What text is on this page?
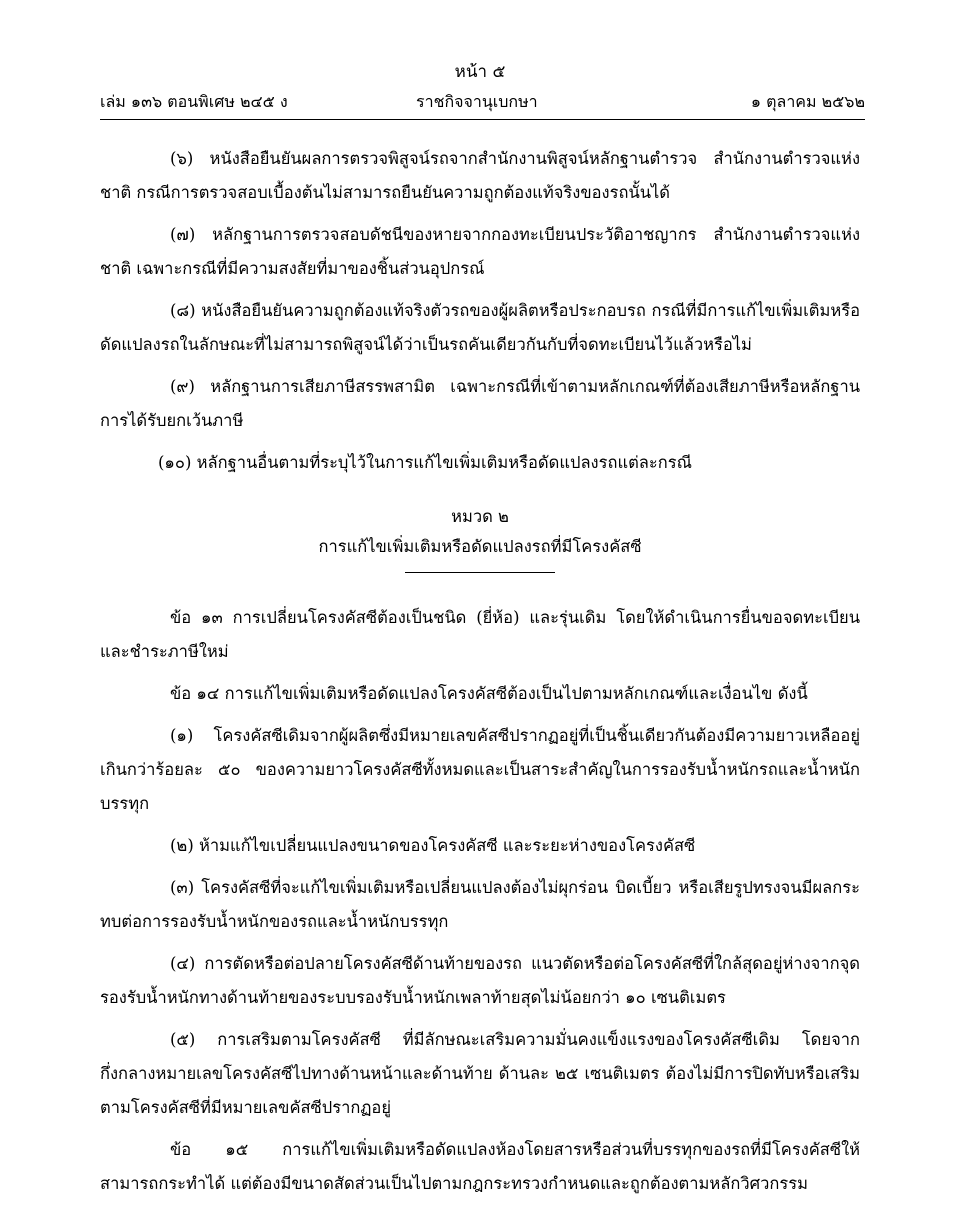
หน้า ๕
เล่ม ๑๓๖ ตอนพิเศษ ๒๔๕ ง	ราชกิจจานุเบกษา	๑ ตุลาคม ๒๕๖๒

(๖) หนังสือยืนยันผลการตรวจพิสูจน์รถจากสำนักงานพิสูจน์หลักฐานตำรวจ สำนักงานตำรวจแห่งชาติ กรณีการตรวจสอบเบื้องต้นไม่สามารถยืนยันความถูกต้องแท้จริงของรถนั้นได้

(๗) หลักฐานการตรวจสอบดัชนีของหายจากกองทะเบียนประวัติอาชญากร สำนักงานตำรวจแห่งชาติ เฉพาะกรณีที่มีความสงสัยที่มาของชิ้นส่วนอุปกรณ์

(๘) หนังสือยืนยันความถูกต้องแท้จริงตัวรถของผู้ผลิตหรือประกอบรถ กรณีที่มีการแก้ไขเพิ่มเติมหรือดัดแปลงรถในลักษณะที่ไม่สามารถพิสูจน์ได้ว่าเป็นรถคันเดียวกันกับที่จดทะเบียนไว้แล้วหรือไม่

(๙) หลักฐานการเสียภาษีสรรพสามิต เฉพาะกรณีที่เข้าตามหลักเกณฑ์ที่ต้องเสียภาษีหรือหลักฐานการได้รับยกเว้นภาษี

(๑๐) หลักฐานอื่นตามที่ระบุไว้ในการแก้ไขเพิ่มเติมหรือดัดแปลงรถแต่ละกรณี

หมวด ๒
การแก้ไขเพิ่มเติมหรือดัดแปลงรถที่มีโครงคัสซี

ข้อ ๑๓ การเปลี่ยนโครงคัสซีต้องเป็นชนิด (ยี่ห้อ) และรุ่นเดิม โดยให้ดำเนินการยื่นขอจดทะเบียนและชำระภาษีใหม่

ข้อ ๑๔ การแก้ไขเพิ่มเติมหรือดัดแปลงโครงคัสซีต้องเป็นไปตามหลักเกณฑ์และเงื่อนไข ดังนี้

(๑) โครงคัสซีเดิมจากผู้ผลิตซึ่งมีหมายเลขคัสซีปรากฏอยู่ที่เป็นชิ้นเดียวกันต้องมีความยาวเหลืออยู่เกินกว่าร้อยละ ๕๐ ของความยาวโครงคัสซีทั้งหมดและเป็นสาระสำคัญในการรองรับน้ำหนักรถและน้ำหนักบรรทุก

(๒) ห้ามแก้ไขเปลี่ยนแปลงขนาดของโครงคัสซี และระยะห่างของโครงคัสซี

(๓) โครงคัสซีที่จะแก้ไขเพิ่มเติมหรือเปลี่ยนแปลงต้องไม่ผุกร่อน บิดเบี้ยว หรือเสียรูปทรงจนมีผลกระทบต่อการรองรับน้ำหนักของรถและน้ำหนักบรรทุก

(๔) การตัดหรือต่อปลายโครงคัสซีด้านท้ายของรถ แนวตัดหรือต่อโครงคัสซีที่ใกล้สุดอยู่ห่างจากจุดรองรับน้ำหนักทางด้านท้ายของระบบรองรับน้ำหนักเพลาท้ายสุดไม่น้อยกว่า ๑๐ เซนติเมตร

(๕) การเสริมตามโครงคัสซี ที่มีลักษณะเสริมความมั่นคงแข็งแรงของโครงคัสซีเดิม โดยจากกึ่งกลางหมายเลขโครงคัสซีไปทางด้านหน้าและด้านท้าย ด้านละ ๒๕ เซนติเมตร ต้องไม่มีการปิดทับหรือเสริมตามโครงคัสซีที่มีหมายเลขคัสซีปรากฏอยู่

ข้อ ๑๕ การแก้ไขเพิ่มเติมหรือดัดแปลงห้องโดยสารหรือส่วนที่บรรทุกของรถที่มีโครงคัสซีให้สามารถกระทำได้ แต่ต้องมีขนาดสัดส่วนเป็นไปตามกฎกระทรวงกำหนดและถูกต้องตามหลักวิศวกรรม
